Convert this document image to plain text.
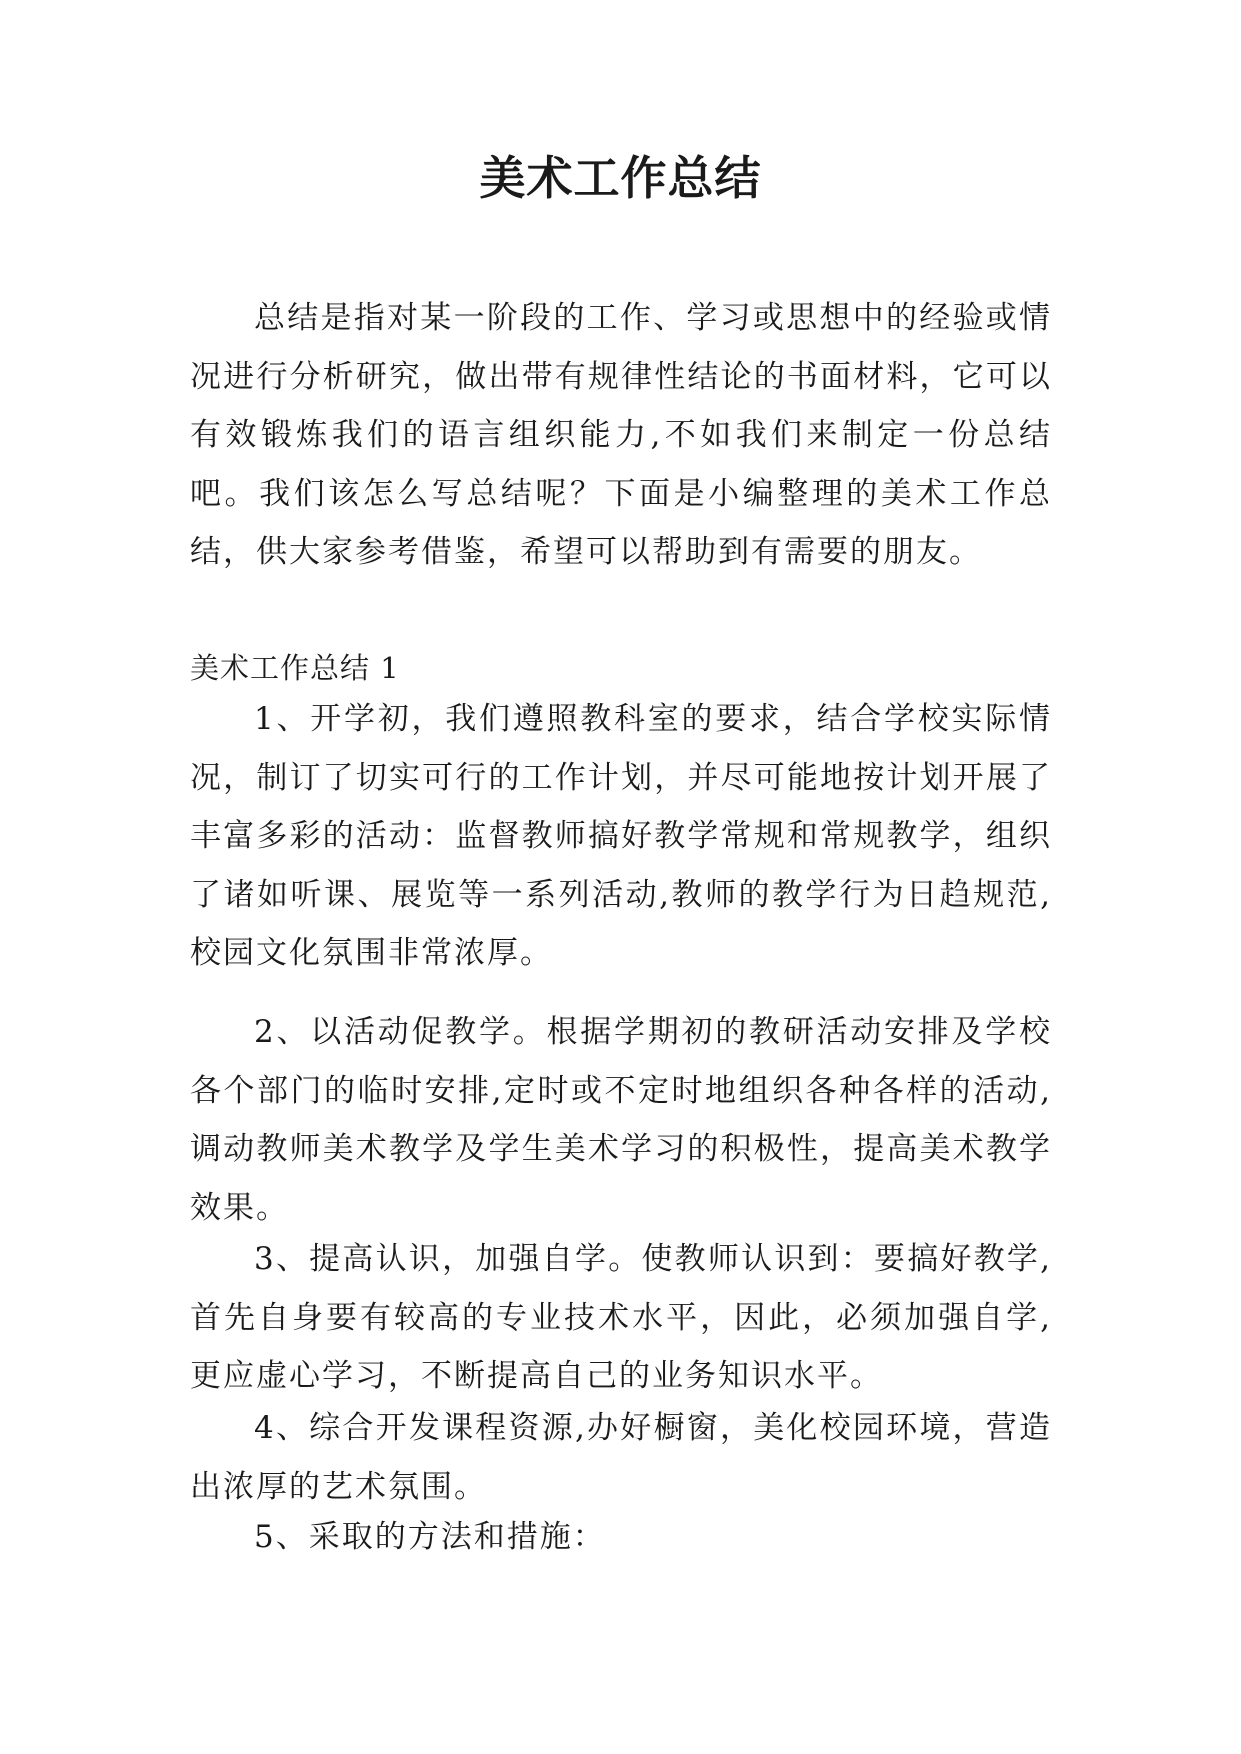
美术工作总结

总结是指对某一阶段的工作、学习或思想中的经验或情况进行分析研究，做出带有规律性结论的书面材料，它可以有效锻炼我们的语言组织能力,不如我们来制定一份总结吧。我们该怎么写总结呢？下面是小编整理的美术工作总结，供大家参考借鉴，希望可以帮助到有需要的朋友。

美术工作总结 1

1、开学初，我们遵照教科室的要求，结合学校实际情况，制订了切实可行的工作计划，并尽可能地按计划开展了丰富多彩的活动：监督教师搞好教学常规和常规教学，组织了诸如听课、展览等一系列活动,教师的教学行为日趋规范,校园文化氛围非常浓厚。

2、以活动促教学。根据学期初的教研活动安排及学校各个部门的临时安排,定时或不定时地组织各种各样的活动,调动教师美术教学及学生美术学习的积极性，提高美术教学效果。

3、提高认识，加强自学。使教师认识到：要搞好教学,首先自身要有较高的专业技术水平，因此，必须加强自学,更应虚心学习，不断提高自己的业务知识水平。

4、综合开发课程资源,办好橱窗，美化校园环境，营造出浓厚的艺术氛围。

5、采取的方法和措施：
